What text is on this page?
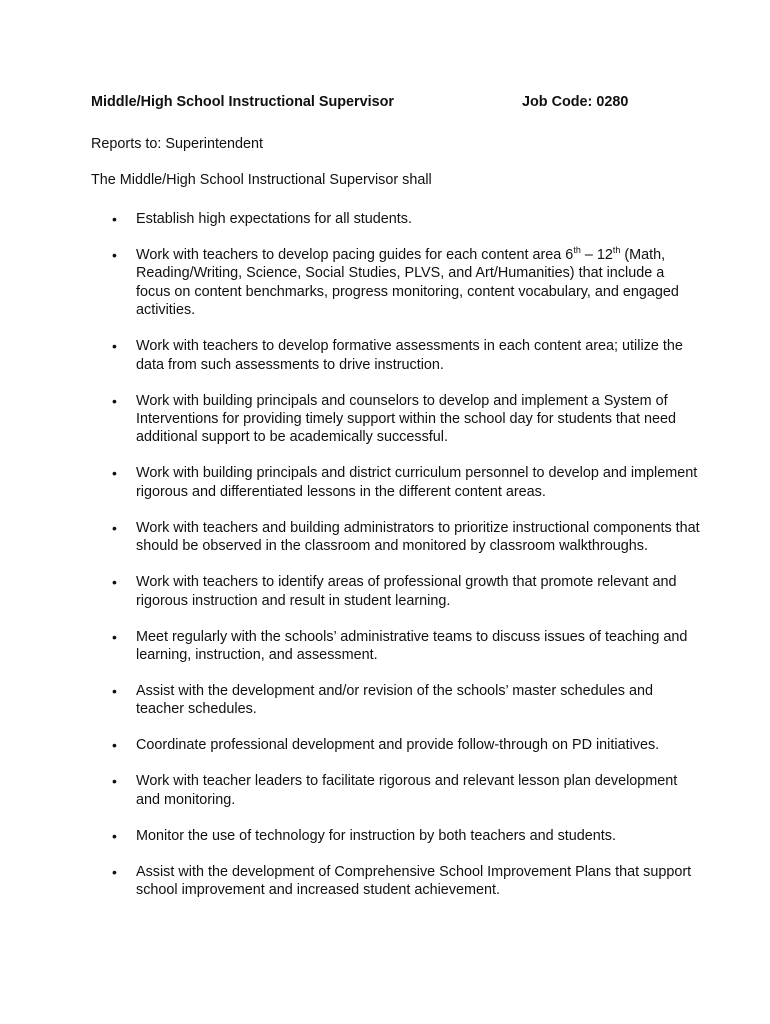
Middle/High School Instructional Supervisor	Job Code: 0280
Reports to: Superintendent
The Middle/High School Instructional Supervisor shall
• Establish high expectations for all students.
• Work with teachers to develop pacing guides for each content area 6th – 12th (Math, Reading/Writing, Science, Social Studies, PLVS, and Art/Humanities) that include a focus on content benchmarks, progress monitoring, content vocabulary, and engaged activities.
• Work with teachers to develop formative assessments in each content area; utilize the data from such assessments to drive instruction.
• Work with building principals and counselors to develop and implement a System of Interventions for providing timely support within the school day for students that need additional support to be academically successful.
• Work with building principals and district curriculum personnel to develop and implement rigorous and differentiated lessons in the different content areas.
• Work with teachers and building administrators to prioritize instructional components that should be observed in the classroom and monitored by classroom walkthroughs.
• Work with teachers to identify areas of professional growth that promote relevant and rigorous instruction and result in student learning.
• Meet regularly with the schools’ administrative teams to discuss issues of teaching and learning, instruction, and assessment.
• Assist with the development and/or revision of the schools’ master schedules and teacher schedules.
• Coordinate professional development and provide follow-through on PD initiatives.
• Work with teacher leaders to facilitate rigorous and relevant lesson plan development and monitoring.
• Monitor the use of technology for instruction by both teachers and students.
• Assist with the development of Comprehensive School Improvement Plans that support school improvement and increased student achievement.
